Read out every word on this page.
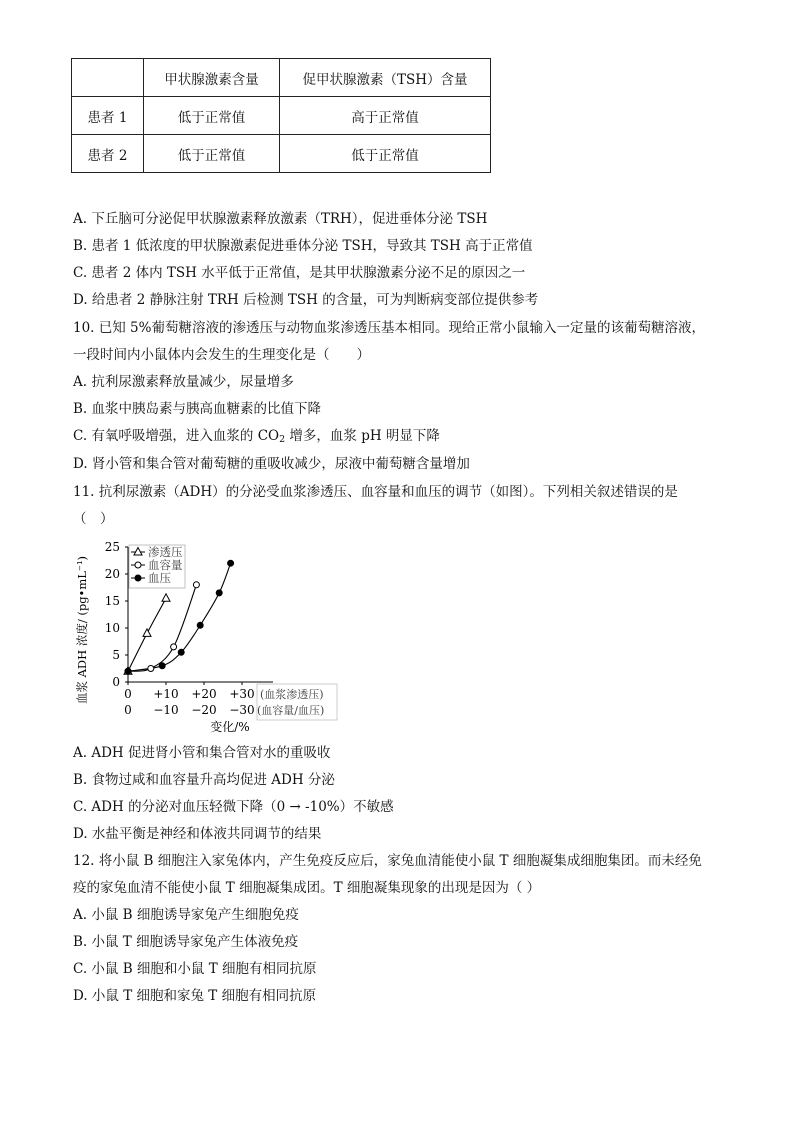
	甲状腺激素含量	促甲状腺激素（TSH）含量
患者 1	低于正常值	高于正常值
患者 2	低于正常值	低于正常值
A. 下丘脑可分泌促甲状腺激素释放激素（TRH），促进垂体分泌 TSH
B. 患者 1 低浓度的甲状腺激素促进垂体分泌 TSH，导致其 TSH 高于正常值
C. 患者 2 体内 TSH 水平低于正常值，是其甲状腺激素分泌不足的原因之一
D. 给患者 2 静脉注射 TRH 后检测 TSH 的含量，可为判断病变部位提供参考
10. 已知 5%葡萄糖溶液的渗透压与动物血浆渗透压基本相同。现给正常小鼠输入一定量的该葡萄糖溶液，
一段时间内小鼠体内会发生的生理变化是（　　）
A. 抗利尿激素释放量减少，尿量增多
B. 血浆中胰岛素与胰高血糖素的比值下降
C. 有氧呼吸增强，进入血浆的 $CO_2$ 增多，血浆 pH 明显下降
D. 肾小管和集合管对葡萄糖的重吸收减少，尿液中葡萄糖含量增加
11. 抗利尿激素（ADH）的分泌受血浆渗透压、血容量和血压的调节（如图）。下列相关叙述错误的是
（　）
血浆 ADH 浓度/ (pg•mL⁻¹)
25
20
15
10
5
0
0 +10 +20 +30
0 −10 −20 −30
渗透压
血容量
血压
(血浆渗透压)
(血容量/血压)
变化/%
A. ADH 促进肾小管和集合管对水的重吸收
B. 食物过咸和血容量升高均促进 ADH 分泌
C. ADH 的分泌对血压轻微下降（0 → -10%）不敏感
D. 水盐平衡是神经和体液共同调节的结果
12. 将小鼠 B 细胞注入家兔体内，产生免疫反应后，家兔血清能使小鼠 T 细胞凝集成细胞集团。而未经免
疫的家兔血清不能使小鼠 T 细胞凝集成团。T 细胞凝集现象的出现是因为（ ）
A. 小鼠 B 细胞诱导家兔产生细胞免疫
B. 小鼠 T 细胞诱导家兔产生体液免疫
C. 小鼠 B 细胞和小鼠 T 细胞有相同抗原
D. 小鼠 T 细胞和家兔 T 细胞有相同抗原
